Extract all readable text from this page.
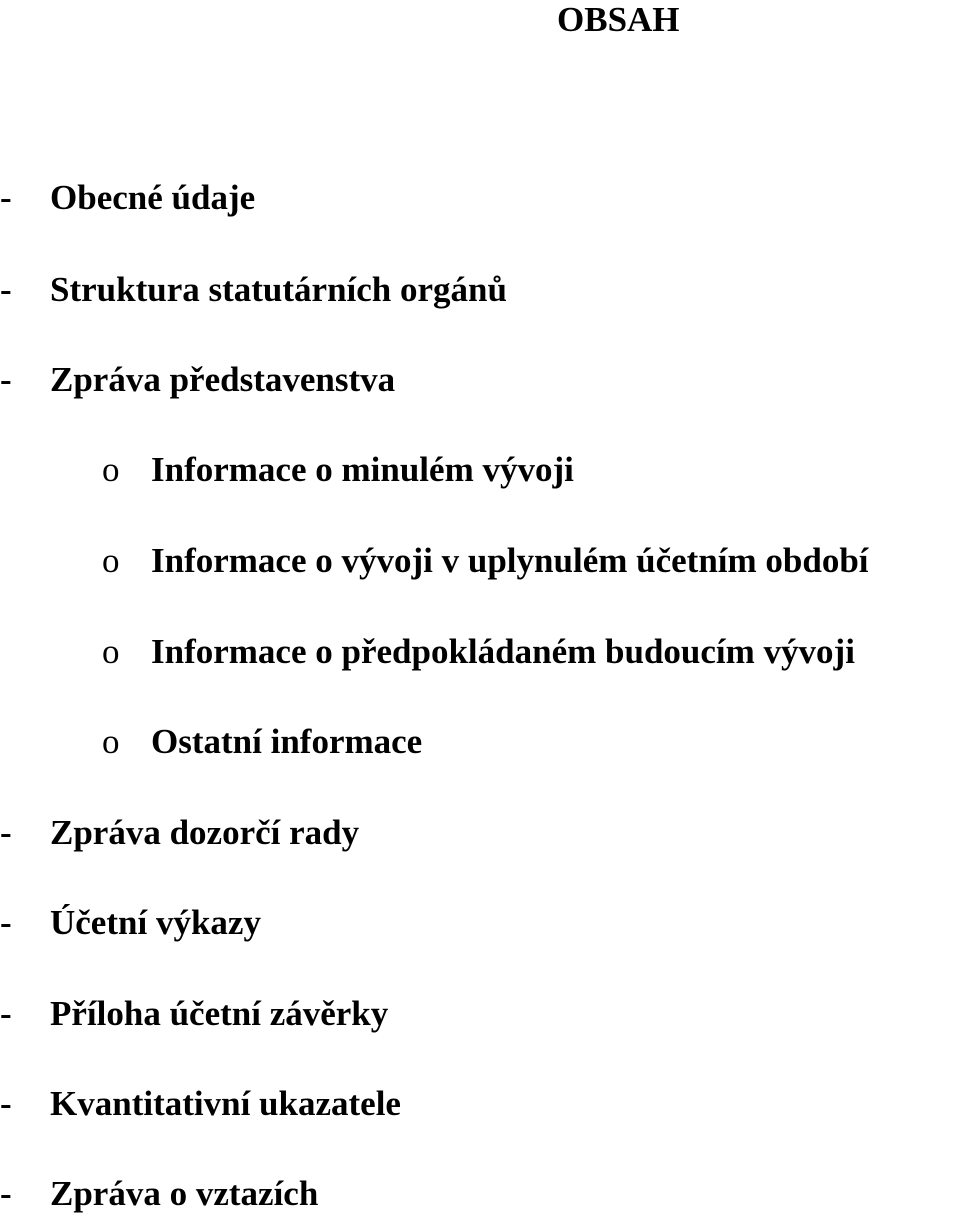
OBSAH
- Obecné údaje
- Struktura statutárních orgánů
- Zpráva představenstva
o Informace o minulém vývoji
o Informace o vývoji v uplynulém účetním období
o Informace o předpokládaném budoucím vývoji
o Ostatní informace
- Zpráva dozorčí rady
- Účetní výkazy
- Příloha účetní závěrky
- Kvantitativní ukazatele
- Zpráva o vztazích
